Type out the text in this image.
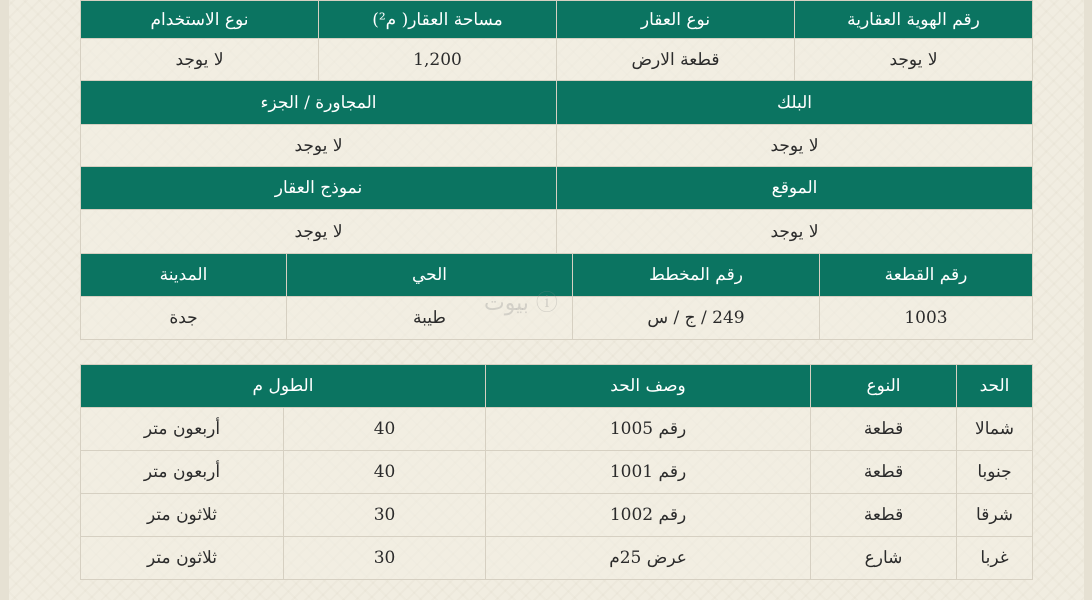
رقم الهوية العقارية	نوع العقار	مساحة العقار( م²)	نوع الاستخدام
لا يوجد	قطعة الارض	1,200	لا يوجد
البلك	المجاورة / الجزء
لا يوجد	لا يوجد
الموقع	نموذج العقار
لا يوجد	لا يوجد
رقم القطعة	رقم المخطط	الحي	المدينة
1003	249 / ج / س	طيبة	جدة
بيوت ⓘ
الحد	النوع	وصف الحد	الطول م	
شمالا	قطعة	رقم 1005	40	أربعون متر
جنوبا	قطعة	رقم 1001	40	أربعون متر
شرقا	قطعة	رقم 1002	30	ثلاثون متر
غربا	شارع	عرض 25م	30	ثلاثون متر
